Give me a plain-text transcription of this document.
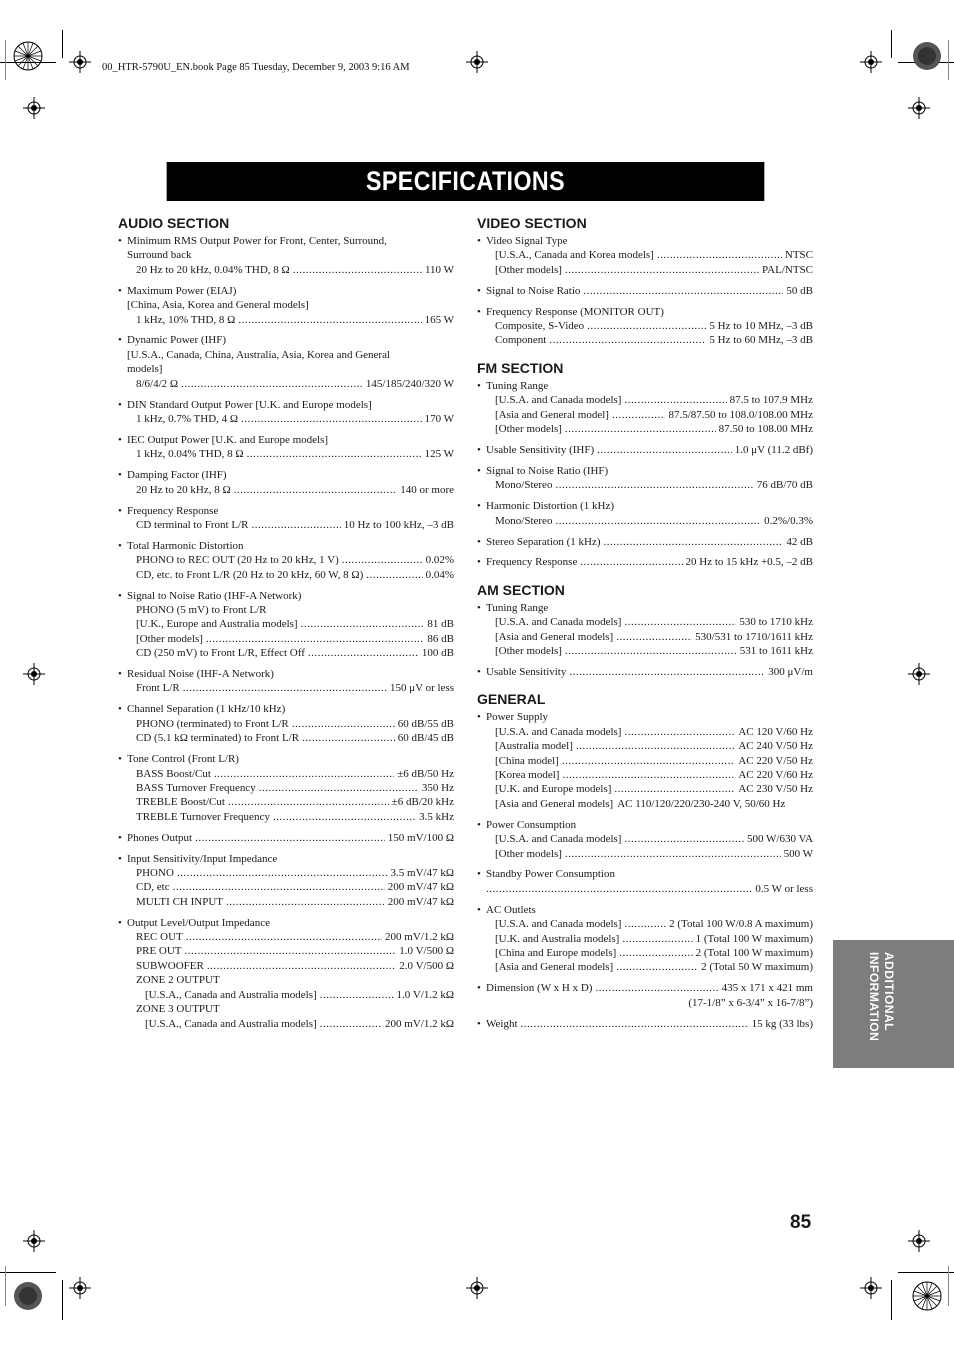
00_HTR-5790U_EN.book Page 85 Tuesday, December 9, 2003 9:16 AM
SPECIFICATIONS
AUDIO SECTION
• Minimum RMS Output Power for Front, Center, Surround,
Surround back
20 Hz to 20 kHz, 0.04% THD, 8 Ω .....	110 W
• Maximum Power (EIAJ)
[China, Asia, Korea and General models]
1 kHz, 10% THD, 8 Ω .....	165 W
• Dynamic Power (IHF)
[U.S.A., Canada, China, Australia, Asia, Korea and General
models]
8/6/4/2 Ω .....	145/185/240/320 W
• DIN Standard Output Power [U.K. and Europe models]
1 kHz, 0.7% THD, 4 Ω .....	170 W
• IEC Output Power [U.K. and Europe models]
1 kHz, 0.04% THD, 8 Ω .....	125 W
• Damping Factor (IHF)
20 Hz to 20 kHz, 8 Ω .....	140 or more
• Frequency Response
CD terminal to Front L/R .....	10 Hz to 100 kHz, –3 dB
• Total Harmonic Distortion
PHONO to REC OUT (20 Hz to 20 kHz, 1 V) .....	0.02%
CD, etc. to Front L/R (20 Hz to 20 kHz, 60 W, 8 Ω) .....	0.04%
• Signal to Noise Ratio (IHF-A Network)
PHONO (5 mV) to Front L/R
[U.K., Europe and Australia models] .....	81 dB
[Other models] .....	86 dB
CD (250 mV) to Front L/R, Effect Off .....	100 dB
• Residual Noise (IHF-A Network)
Front L/R .....	150 μV or less
• Channel Separation (1 kHz/10 kHz)
PHONO (terminated) to Front L/R .....	60 dB/55 dB
CD (5.1 kΩ terminated) to Front L/R .....	60 dB/45 dB
• Tone Control (Front L/R)
BASS Boost/Cut .....	±6 dB/50 Hz
BASS Turnover Frequency .....	350 Hz
TREBLE Boost/Cut .....	±6 dB/20 kHz
TREBLE Turnover Frequency .....	3.5 kHz
• Phones Output .....	150 mV/100 Ω
• Input Sensitivity/Input Impedance
PHONO .....	3.5 mV/47 kΩ
CD, etc .....	200 mV/47 kΩ
MULTI CH INPUT .....	200 mV/47 kΩ
• Output Level/Output Impedance
REC OUT .....	200 mV/1.2 kΩ
PRE OUT .....	1.0 V/500 Ω
SUBWOOFER .....	2.0 V/500 Ω
ZONE 2 OUTPUT
[U.S.A., Canada and Australia models] .....	1.0 V/1.2 kΩ
ZONE 3 OUTPUT
[U.S.A., Canada and Australia models] .....	200 mV/1.2 kΩ
VIDEO SECTION
• Video Signal Type
[U.S.A., Canada and Korea models] .....	NTSC
[Other models] .....	PAL/NTSC
• Signal to Noise Ratio .....	50 dB
• Frequency Response (MONITOR OUT)
Composite, S-Video .....	5 Hz to 10 MHz, –3 dB
Component .....	5 Hz to 60 MHz, –3 dB
FM SECTION
• Tuning Range
[U.S.A. and Canada models] .....	87.5 to 107.9 MHz
[Asia and General model] .....	87.5/87.50 to 108.0/108.00 MHz
[Other models] .....	87.50 to 108.00 MHz
• Usable Sensitivity (IHF) .....	1.0 μV (11.2 dBf)
• Signal to Noise Ratio (IHF)
Mono/Stereo .....	76 dB/70 dB
• Harmonic Distortion (1 kHz)
Mono/Stereo .....	0.2%/0.3%
• Stereo Separation (1 kHz) .....	42 dB
• Frequency Response .....	20 Hz to 15 kHz +0.5, –2 dB
AM SECTION
• Tuning Range
[U.S.A. and Canada models] .....	530 to 1710 kHz
[Asia and General models] .....	530/531 to 1710/1611 kHz
[Other models] .....	531 to 1611 kHz
• Usable Sensitivity .....	300 μV/m
GENERAL
• Power Supply
[U.S.A. and Canada models] .....	AC 120 V/60 Hz
[Australia model] .....	AC 240 V/50 Hz
[China model] .....	AC 220 V/50 Hz
[Korea model] .....	AC 220 V/60 Hz
[U.K. and Europe models] .....	AC 230 V/50 Hz
[Asia and General models] AC 110/120/220/230-240 V, 50/60 Hz
• Power Consumption
[U.S.A. and Canada models] .....	500 W/630 VA
[Other models] .....	500 W
• Standby Power Consumption
.....
0.5 W or less
• AC Outlets
[U.S.A. and Canada models] .....	2 (Total 100 W/0.8 A maximum)
[U.K. and Australia models] .....	1 (Total 100 W maximum)
[China and Europe models] .....	2 (Total 100 W maximum)
[Asia and General models] .....	2 (Total 50 W maximum)
• Dimension (W x H x D) .....	435 x 171 x 421 mm
(17-1/8” x 6-3/4” x 16-7/8”)
• Weight .....	15 kg (33 lbs)	ADDITIONAL
INFORMATION
85
